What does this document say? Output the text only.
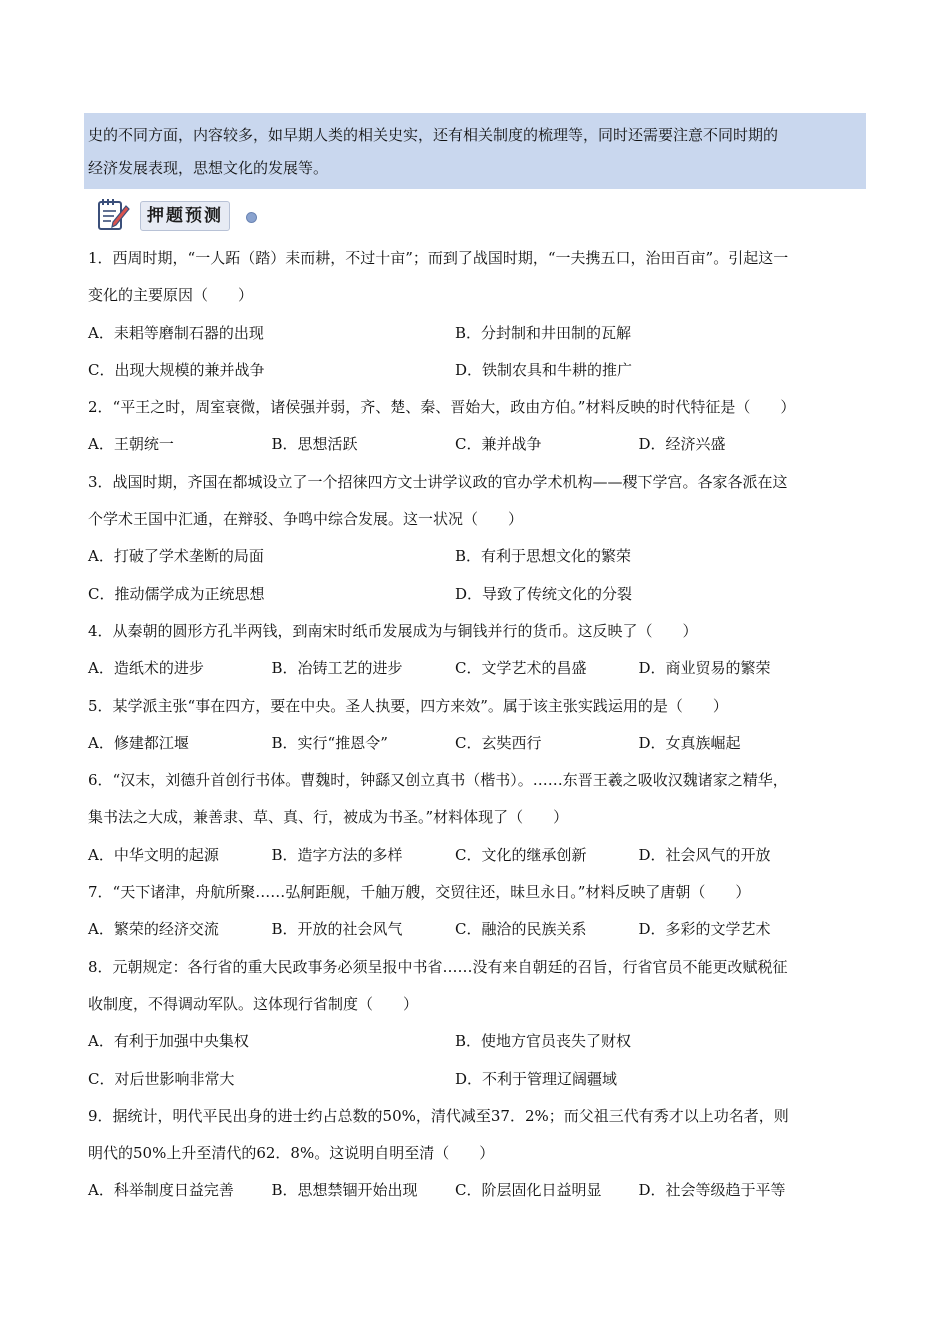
史的不同方面，内容较多，如早期人类的相关史实，还有相关制度的梳理等，同时还需要注意不同时期的
经济发展表现，思想文化的发展等。
押题预测
1．西周时期，“一人跖（踏）耒而耕，不过十亩”；而到了战国时期，“一夫携五口，治田百亩”。引起这一
变化的主要原因（　　）
A．耒耜等磨制石器的出现	B．分封制和井田制的瓦解
C．出现大规模的兼并战争	D．铁制农具和牛耕的推广
2．“平王之时，周室衰微，诸侯强并弱，齐、楚、秦、晋始大，政由方伯。”材料反映的时代特征是（　　）
A．王朝统一	B．思想活跃	C．兼并战争	D．经济兴盛
3．战国时期，齐国在都城设立了一个招徕四方文士讲学议政的官办学术机构——稷下学宫。各家各派在这
个学术王国中汇通，在辩驳、争鸣中综合发展。这一状况（　　）
A．打破了学术垄断的局面	B．有利于思想文化的繁荣
C．推动儒学成为正统思想	D．导致了传统文化的分裂
4．从秦朝的圆形方孔半两钱，到南宋时纸币发展成为与铜钱并行的货币。这反映了（　　）
A．造纸术的进步	B．冶铸工艺的进步	C．文学艺术的昌盛	D．商业贸易的繁荣
5．某学派主张“事在四方，要在中央。圣人执要，四方来效”。属于该主张实践运用的是（　　）
A．修建都江堰	B．实行“推恩令”	C．玄奘西行	D．女真族崛起
6．“汉末，刘德升首创行书体。曹魏时，钟繇又创立真书（楷书）。……东晋王羲之吸收汉魏诸家之精华，
集书法之大成，兼善隶、草、真、行，被成为书圣。”材料体现了（　　）
A．中华文明的起源	B．造字方法的多样	C．文化的继承创新	D．社会风气的开放
7．“天下诸津，舟航所聚……弘舸距舰，千舳万艘，交贸往还，昧旦永日。”材料反映了唐朝（　　）
A．繁荣的经济交流	B．开放的社会风气	C．融洽的民族关系	D．多彩的文学艺术
8．元朝规定：各行省的重大民政事务必须呈报中书省……没有来自朝廷的召旨，行省官员不能更改赋税征
收制度，不得调动军队。这体现行省制度（　　）
A．有利于加强中央集权	B．使地方官员丧失了财权
C．对后世影响非常大	D．不利于管理辽阔疆域
9．据统计，明代平民出身的进士约占总数的50%，清代减至37．2%；而父祖三代有秀才以上功名者，则
明代的50%上升至清代的62．8%。这说明自明至清（　　）
A．科举制度日益完善	B．思想禁锢开始出现	C．阶层固化日益明显	D．社会等级趋于平等
